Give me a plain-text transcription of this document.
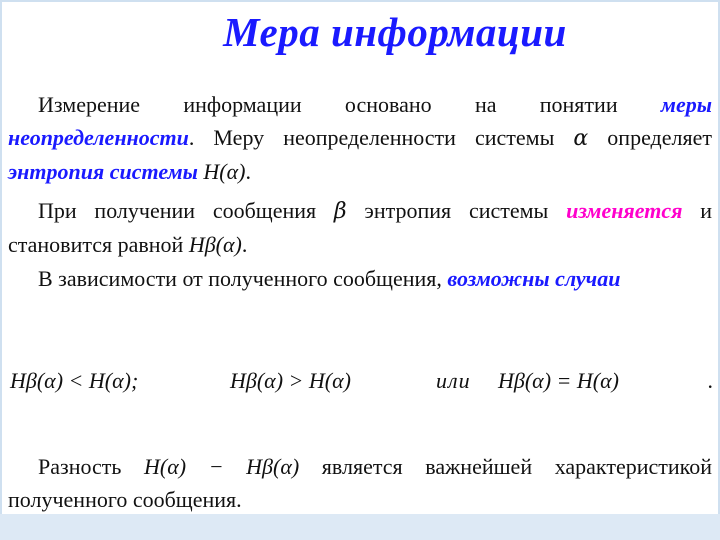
Мера информации
Измерение информации основано на понятии меры неопределенности. Меру неопределенности системы α определяет энтропия системы H(α).
При получении сообщения β энтропия системы изменяется и становится равной Hβ(α).
В зависимости от полученного сообщения, возможны случаи
Hβ(α) < H(α);	Hβ(α) > H(α)	или Hβ(α) = H(α)	.
Разность H(α) − Hβ(α) является важнейшей характеристикой полученного сообщения.
